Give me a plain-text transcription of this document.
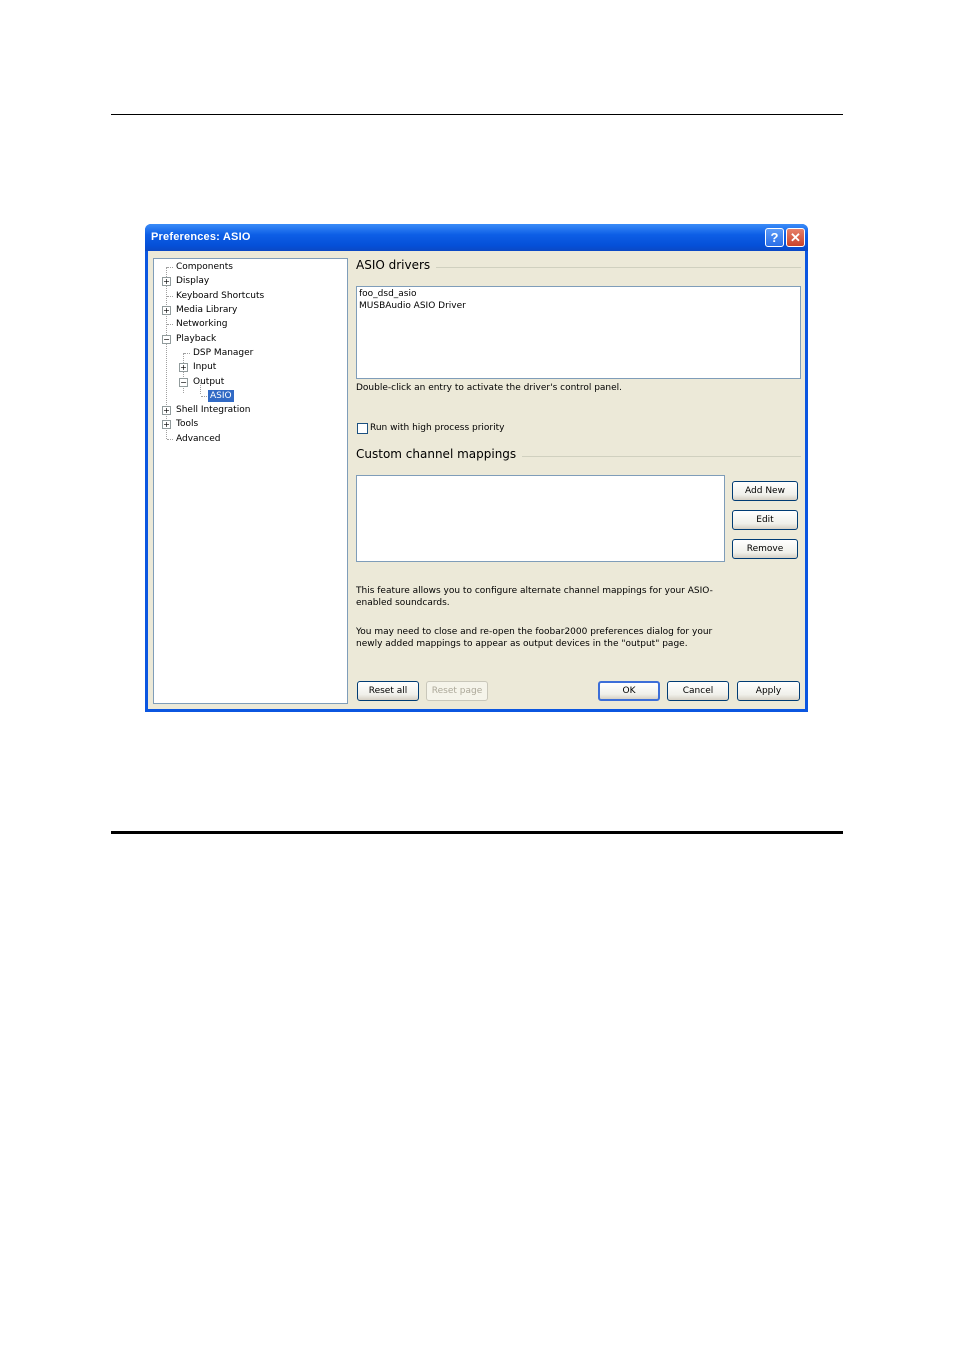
Preferences: ASIO	? ✕
Components
+ Display
Keyboard Shortcuts
+ Media Library
Networking
− Playback
DSP Manager
+ Input
− Output
ASIO
+ Shell Integration
+ Tools
Advanced
ASIO drivers
foo_dsd_asio
MUSBAudio ASIO Driver
Double-click an entry to activate the driver's control panel.
Run with high process priority
Custom channel mappings
Add New
Edit
Remove
This feature allows you to configure alternate channel mappings for your ASIO-enabled soundcards.
You may need to close and re-open the foobar2000 preferences dialog for your newly added mappings to appear as output devices in the "output" page.
Reset all	Reset page	OK	Cancel	Apply
